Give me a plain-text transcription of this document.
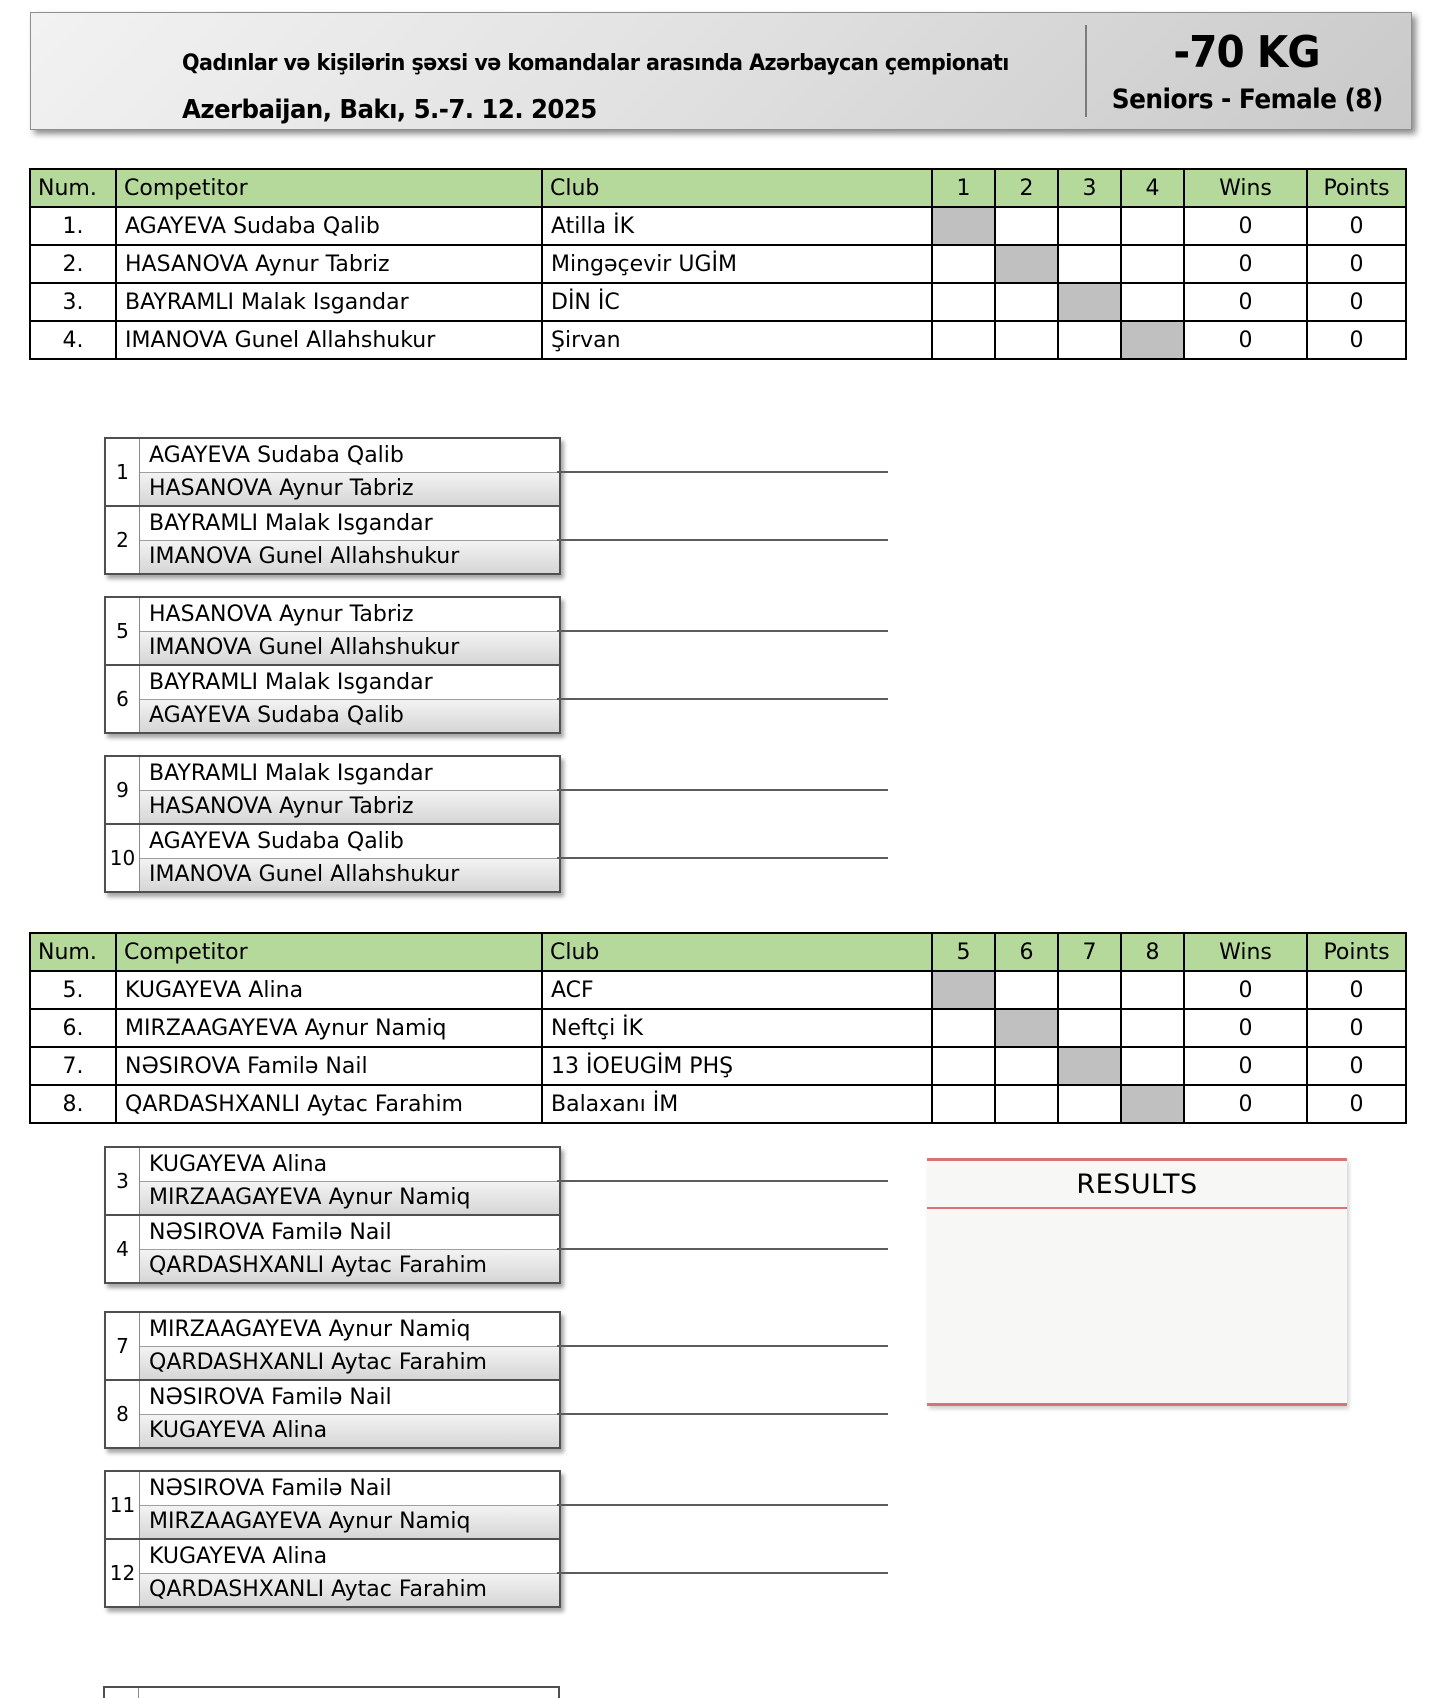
Qadınlar və kişilərin şəxsi və komandalar arasında Azərbaycan çempionatı
Azerbaijan, Bakı, 5.-7. 12. 2025
-70 KG
Seniors - Female (8)
Num.	Competitor	Club	1	2	3	4	Wins	Points
1.	AGAYEVA Sudaba Qalib	Atilla İK					0	0
2.	HASANOVA Aynur Tabriz	Mingəçevir UGİM					0	0
3.	BAYRAMLI Malak Isgandar	DİN İC					0	0
4.	IMANOVA Gunel Allahshukur	Şirvan					0	0
1
AGAYEVA Sudaba Qalib
HASANOVA Aynur Tabriz
2
BAYRAMLI Malak Isgandar
IMANOVA Gunel Allahshukur
5
HASANOVA Aynur Tabriz
IMANOVA Gunel Allahshukur
6
BAYRAMLI Malak Isgandar
AGAYEVA Sudaba Qalib
9
BAYRAMLI Malak Isgandar
HASANOVA Aynur Tabriz
10
AGAYEVA Sudaba Qalib
IMANOVA Gunel Allahshukur
Num.	Competitor	Club	5	6	7	8	Wins	Points
5.	KUGAYEVA Alina	ACF					0	0
6.	MIRZAAGAYEVA Aynur Namiq	Neftçi İK					0	0
7.	NƏSIROVA Familə Nail	13 İOEUGİM PHŞ					0	0
8.	QARDASHXANLI Aytac Farahim	Balaxanı İM					0	0
3
KUGAYEVA Alina
MIRZAAGAYEVA Aynur Namiq
4
NƏSIROVA Familə Nail
QARDASHXANLI Aytac Farahim
7
MIRZAAGAYEVA Aynur Namiq
QARDASHXANLI Aytac Farahim
8
NƏSIROVA Familə Nail
KUGAYEVA Alina
11
NƏSIROVA Familə Nail
MIRZAAGAYEVA Aynur Namiq
12
KUGAYEVA Alina
QARDASHXANLI Aytac Farahim
RESULTS
